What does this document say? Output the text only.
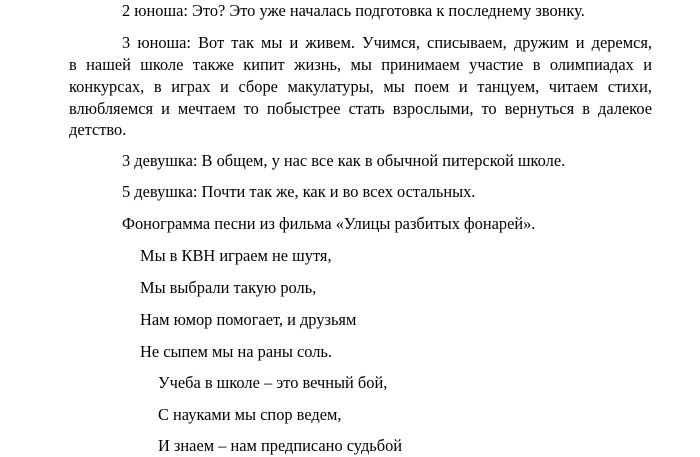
2 юноша: Это? Это уже началась подготовка к последнему звонку.
3 юноша: Вот так мы и живем. Учимся, списываем, дружим и деремся,
в нашей школе также кипит жизнь, мы принимаем участие в олимпиадах и
конкурсах, в играх и сборе макулатуры, мы поем и танцуем, читаем стихи,
влюбляемся и мечтаем то побыстрее стать взрослыми, то вернуться в далекое
детство.
3 девушка: В общем, у нас все как в обычной питерской школе.
5 девушка: Почти так же, как и во всех остальных.
Фонограмма песни из фильма «Улицы разбитых фонарей».
Мы в КВН играем не шутя,
Мы выбрали такую роль,
Нам юмор помогает, и друзьям
Не сыпем мы на раны соль.
Учеба в школе – это вечный бой,
С науками мы спор ведем,
И знаем – нам предписано судьбой
